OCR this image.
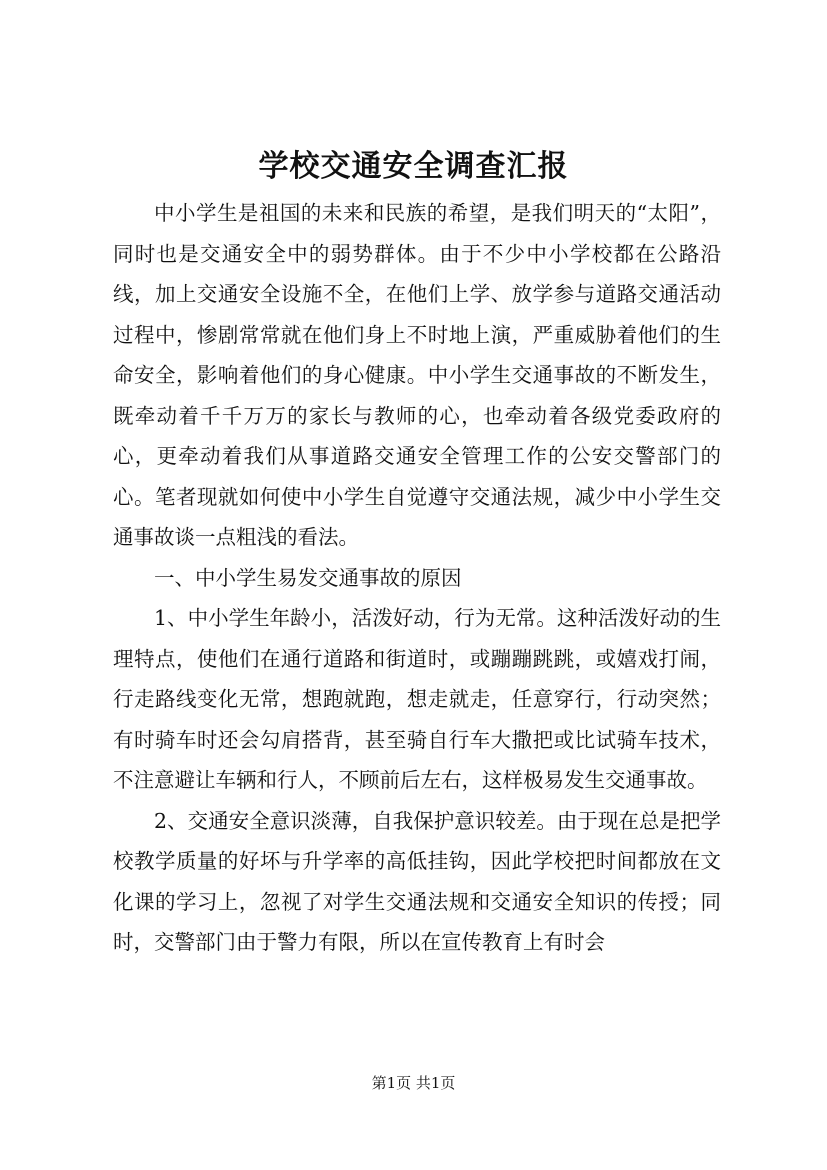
学校交通安全调查汇报

中小学生是祖国的未来和民族的希望，是我们明天的“太阳”，同时也是交通安全中的弱势群体。由于不少中小学校都在公路沿线，加上交通安全设施不全，在他们上学、放学参与道路交通活动过程中，惨剧常常就在他们身上不时地上演，严重威胁着他们的生命安全，影响着他们的身心健康。中小学生交通事故的不断发生，既牵动着千千万万的家长与教师的心，也牵动着各级党委政府的心，更牵动着我们从事道路交通安全管理工作的公安交警部门的心。笔者现就如何使中小学生自觉遵守交通法规，减少中小学生交通事故谈一点粗浅的看法。

一、中小学生易发交通事故的原因

1、中小学生年龄小，活泼好动，行为无常。这种活泼好动的生理特点，使他们在通行道路和街道时，或蹦蹦跳跳，或嬉戏打闹，行走路线变化无常，想跑就跑，想走就走，任意穿行，行动突然；有时骑车时还会勾肩搭背，甚至骑自行车大撒把或比试骑车技术，不注意避让车辆和行人，不顾前后左右，这样极易发生交通事故。

2、交通安全意识淡薄，自我保护意识较差。由于现在总是把学校教学质量的好坏与升学率的高低挂钩，因此学校把时间都放在文化课的学习上，忽视了对学生交通法规和交通安全知识的传授；同时，交警部门由于警力有限，所以在宣传教育上有时会

第1页 共1页
